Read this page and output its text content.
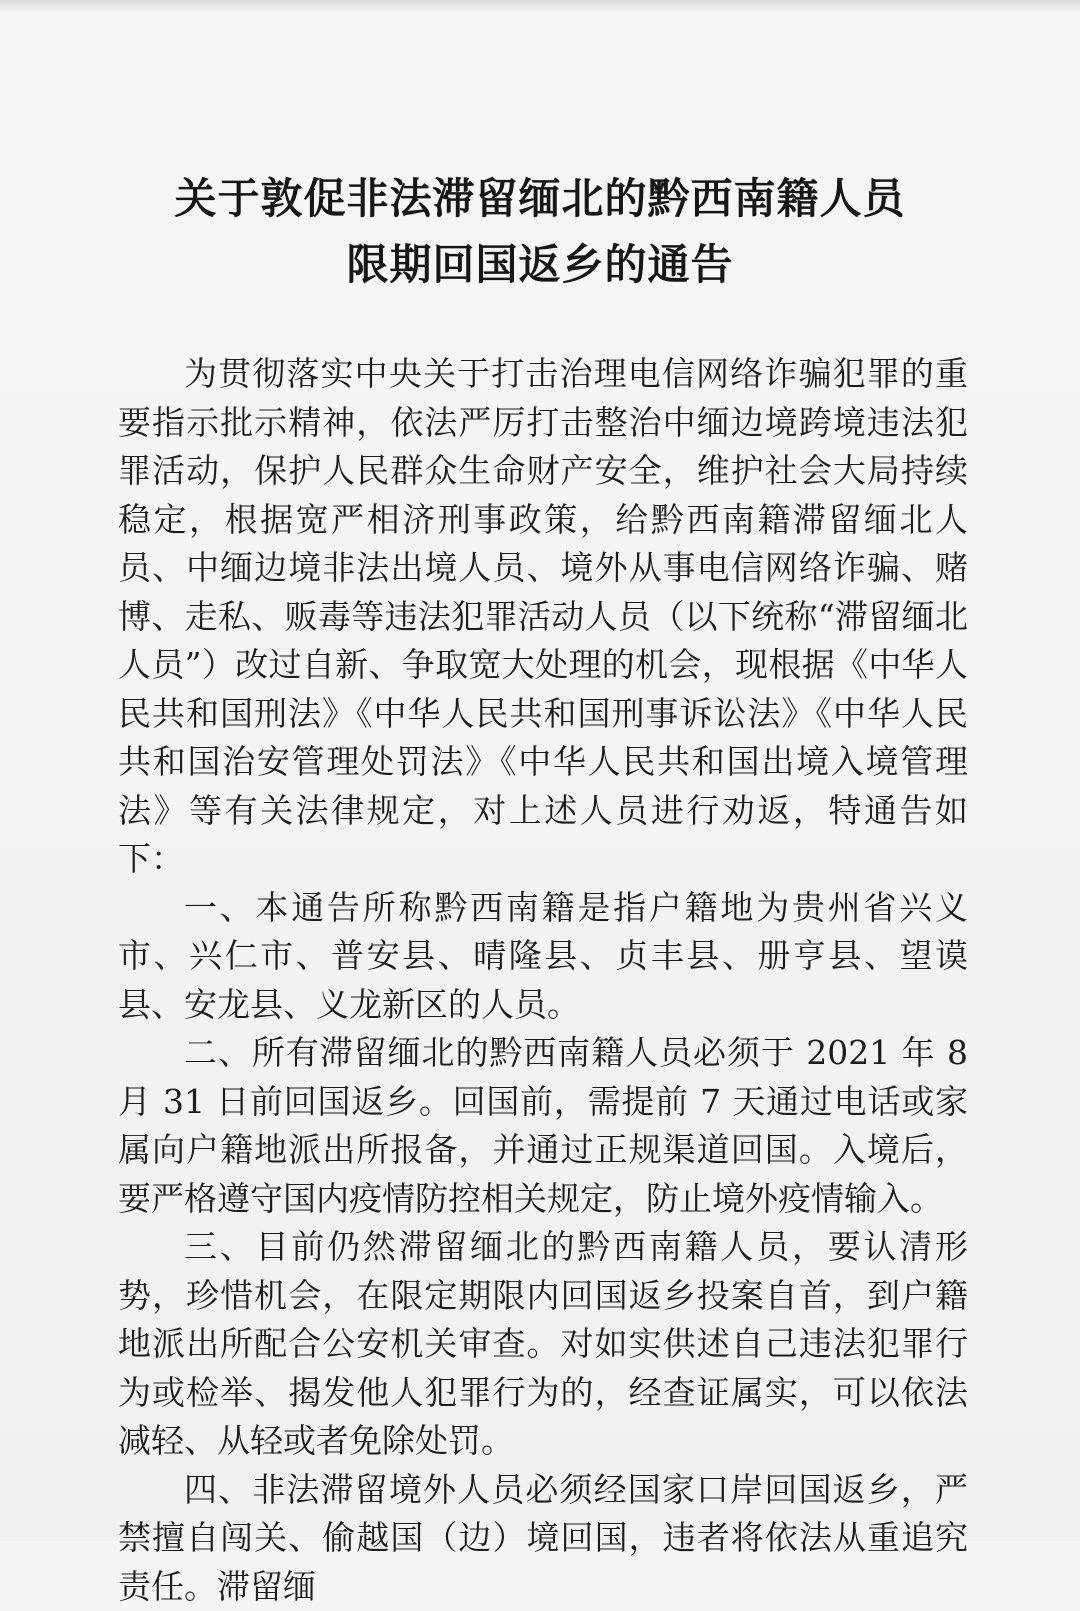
关于敦促非法滞留缅北的黔西南籍人员
限期回国返乡的通告

为贯彻落实中央关于打击治理电信网络诈骗犯罪的重要指示批示精神，依法严厉打击整治中缅边境跨境违法犯罪活动，保护人民群众生命财产安全，维护社会大局持续稳定，根据宽严相济刑事政策，给黔西南籍滞留缅北人员、中缅边境非法出境人员、境外从事电信网络诈骗、赌博、走私、贩毒等违法犯罪活动人员（以下统称“滞留缅北人员”）改过自新、争取宽大处理的机会，现根据《中华人民共和国刑法》《中华人民共和国刑事诉讼法》《中华人民共和国治安管理处罚法》《中华人民共和国出境入境管理法》等有关法律规定，对上述人员进行劝返，特通告如下：

一、本通告所称黔西南籍是指户籍地为贵州省兴义市、兴仁市、普安县、晴隆县、贞丰县、册亨县、望谟县、安龙县、义龙新区的人员。

二、所有滞留缅北的黔西南籍人员必须于 2021 年 8 月 31 日前回国返乡。回国前，需提前 7 天通过电话或家属向户籍地派出所报备，并通过正规渠道回国。入境后，要严格遵守国内疫情防控相关规定，防止境外疫情输入。

三、目前仍然滞留缅北的黔西南籍人员，要认清形势，珍惜机会，在限定期限内回国返乡投案自首，到户籍地派出所配合公安机关审查。对如实供述自己违法犯罪行为或检举、揭发他人犯罪行为的，经查证属实，可以依法减轻、从轻或者免除处罚。

四、非法滞留境外人员必须经国家口岸回国返乡，严禁擅自闯关、偷越国（边）境回国，违者将依法从重追究责任。滞留缅
